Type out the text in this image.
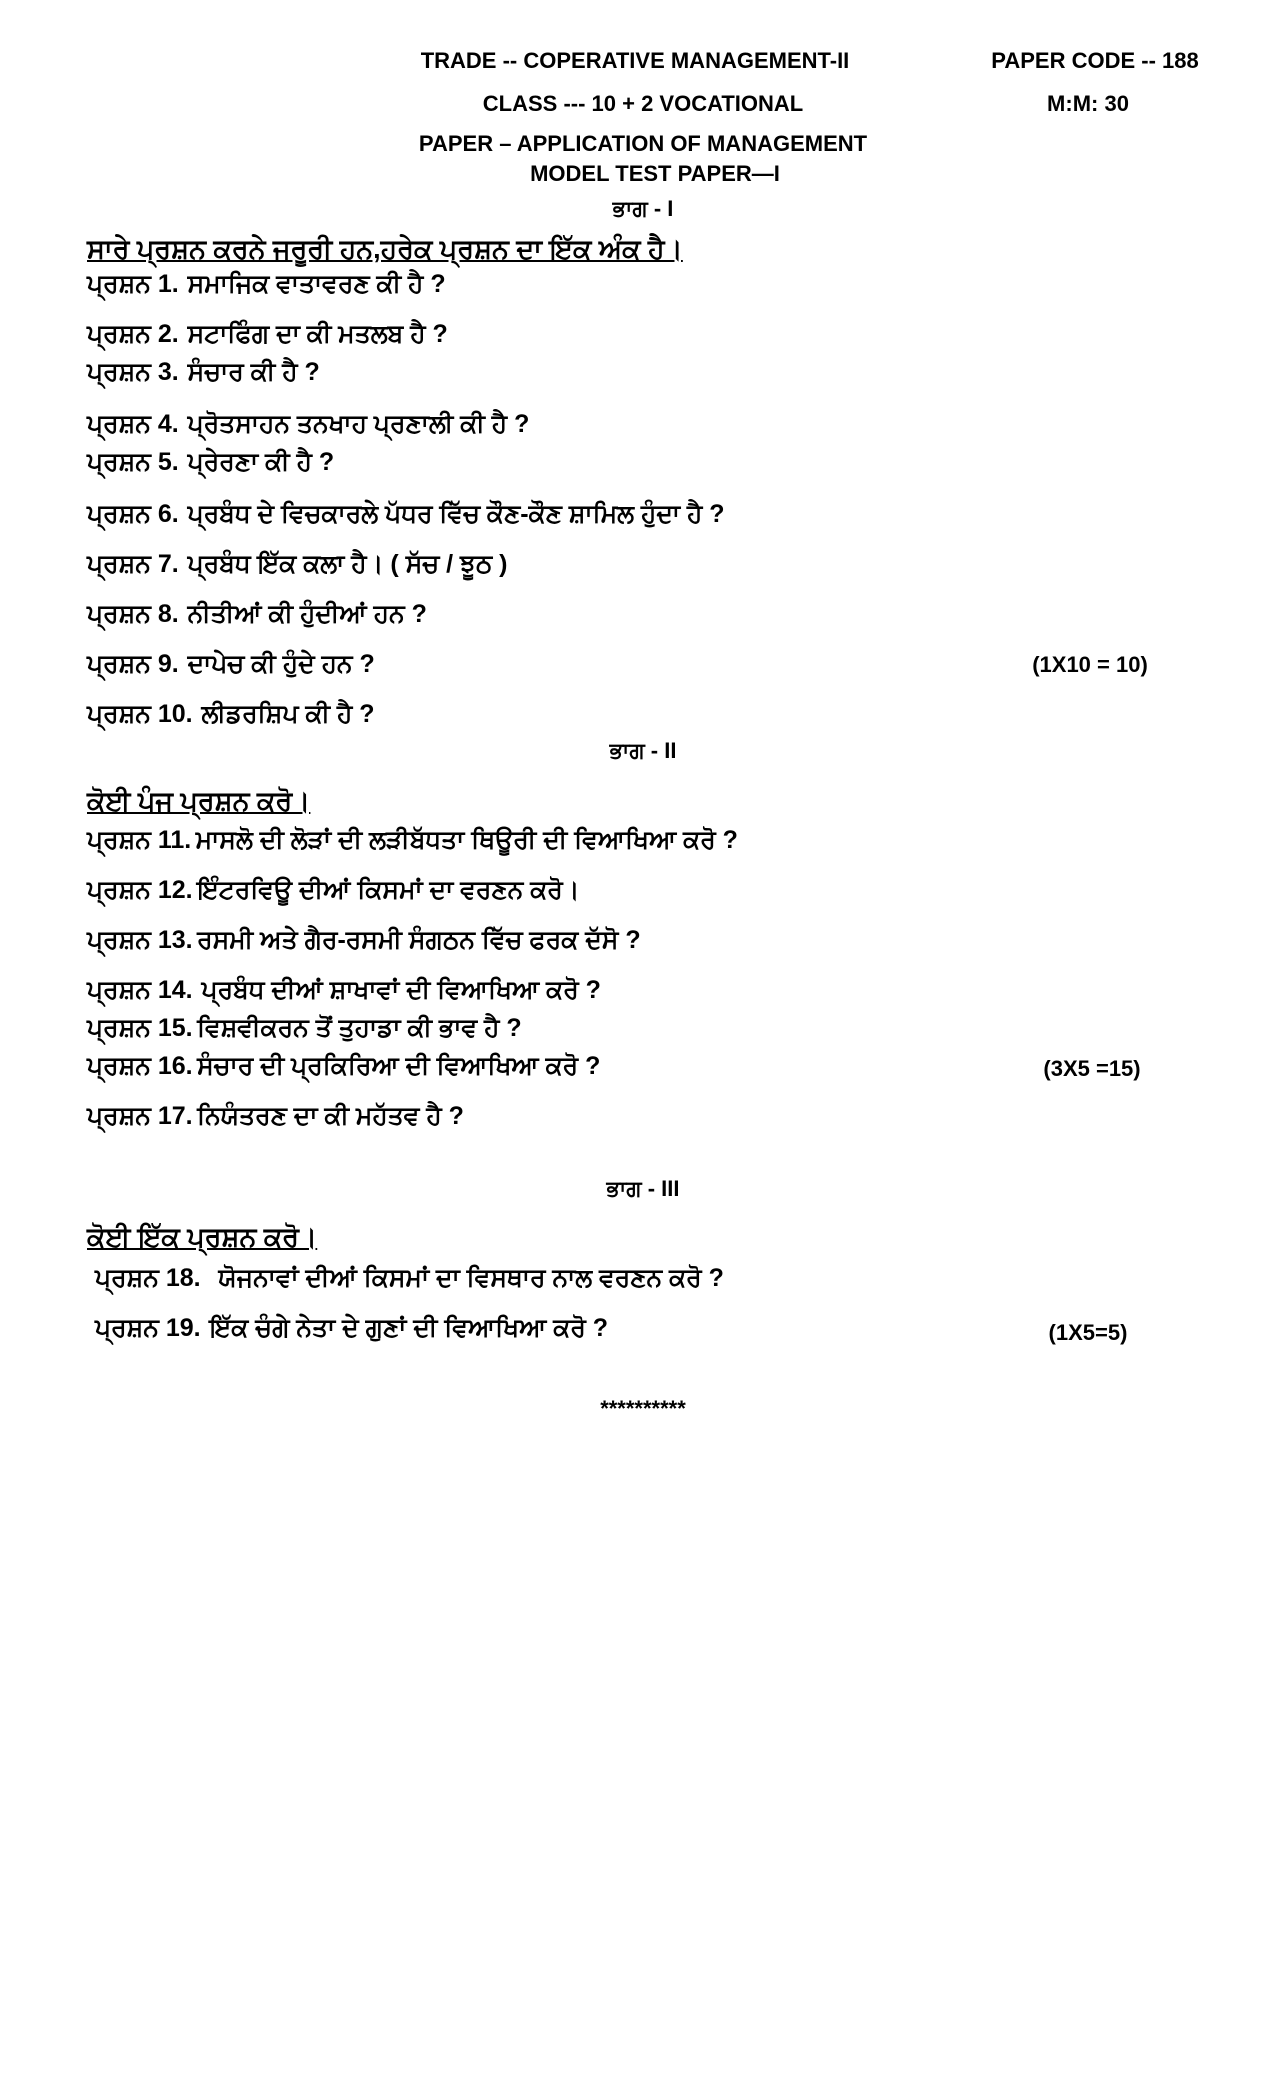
TRADE -- COPERATIVE MANAGEMENT-II	PAPER CODE -- 188
CLASS --- 10 + 2 VOCATIONAL	M:M: 30
PAPER – APPLICATION OF MANAGEMENT
MODEL TEST PAPER—I
ਭਾਗ - I
ਸਾਰੇ ਪ੍ਰਸ਼ਨ ਕਰਨੇ ਜਰੂਰੀ ਹਨ,ਹਰੇਕ ਪ੍ਰਸ਼ਨ ਦਾ ਇੱਕ ਅੰਕ ਹੈ।
ਪ੍ਰਸ਼ਨ 1. ਸਮਾਜਿਕ ਵਾਤਾਵਰਣ ਕੀ ਹੈ ?
ਪ੍ਰਸ਼ਨ 2. ਸਟਾਫਿੰਗ ਦਾ ਕੀ ਮਤਲਬ ਹੈ ?
ਪ੍ਰਸ਼ਨ 3. ਸੰਚਾਰ ਕੀ ਹੈ ?
ਪ੍ਰਸ਼ਨ 4. ਪ੍ਰੋਤਸਾਹਨ ਤਨਖਾਹ ਪ੍ਰਣਾਲੀ ਕੀ ਹੈ ?
ਪ੍ਰਸ਼ਨ 5. ਪ੍ਰੇਰਣਾ ਕੀ ਹੈ ?
ਪ੍ਰਸ਼ਨ 6. ਪ੍ਰਬੰਧ ਦੇ ਵਿਚਕਾਰਲੇ ਪੱਧਰ ਵਿੱਚ ਕੌਣ-ਕੌਣ ਸ਼ਾਮਿਲ ਹੁੰਦਾ ਹੈ ?
ਪ੍ਰਸ਼ਨ 7. ਪ੍ਰਬੰਧ ਇੱਕ ਕਲਾ ਹੈ। ( ਸੱਚ / ਝੂਠ )
ਪ੍ਰਸ਼ਨ 8. ਨੀਤੀਆਂ ਕੀ ਹੁੰਦੀਆਂ ਹਨ ?
ਪ੍ਰਸ਼ਨ 9. ਦਾਪੇਚ ਕੀ ਹੁੰਦੇ ਹਨ ?
ਪ੍ਰਸ਼ਨ 10. ਲੀਡਰਸ਼ਿਪ ਕੀ ਹੈ ?
(1X10 = 10)
ਭਾਗ - II
ਕੋਈ ਪੰਜ ਪ੍ਰਸ਼ਨ ਕਰੋ।
ਪ੍ਰਸ਼ਨ 11. ਮਾਸਲੋ ਦੀ ਲੋੜਾਂ ਦੀ ਲੜੀਬੱਧਤਾ ਥਿਊਰੀ ਦੀ ਵਿਆਖਿਆ ਕਰੋ ?
ਪ੍ਰਸ਼ਨ 12. ਇੰਟਰਵਿਊ ਦੀਆਂ ਕਿਸਮਾਂ ਦਾ ਵਰਣਨ ਕਰੋ।
ਪ੍ਰਸ਼ਨ 13. ਰਸਮੀ ਅਤੇ ਗੈਰ-ਰਸਮੀ ਸੰਗਠਨ ਵਿੱਚ ਫਰਕ ਦੱਸੋ ?
ਪ੍ਰਸ਼ਨ 14. ਪ੍ਰਬੰਧ ਦੀਆਂ ਸ਼ਾਖਾਵਾਂ ਦੀ ਵਿਆਖਿਆ ਕਰੋ ?
ਪ੍ਰਸ਼ਨ 15. ਵਿਸ਼ਵੀਕਰਨ ਤੋਂ ਤੁਹਾਡਾ ਕੀ ਭਾਵ ਹੈ ?
ਪ੍ਰਸ਼ਨ 16. ਸੰਚਾਰ ਦੀ ਪ੍ਰਕਿਰਿਆ ਦੀ ਵਿਆਖਿਆ ਕਰੋ ?
ਪ੍ਰਸ਼ਨ 17. ਨਿਯੰਤਰਣ ਦਾ ਕੀ ਮਹੱਤਵ ਹੈ ?
(3X5 =15)
ਭਾਗ - III
ਕੋਈ ਇੱਕ ਪ੍ਰਸ਼ਨ ਕਰੋ।
ਪ੍ਰਸ਼ਨ 18. ਯੋਜਨਾਵਾਂ ਦੀਆਂ ਕਿਸਮਾਂ ਦਾ ਵਿਸਥਾਰ ਨਾਲ ਵਰਣਨ ਕਰੋ ?
ਪ੍ਰਸ਼ਨ 19. ਇੱਕ ਚੰਗੇ ਨੇਤਾ ਦੇ ਗੁਣਾਂ ਦੀ ਵਿਆਖਿਆ ਕਰੋ ?	(1X5=5)
**********
